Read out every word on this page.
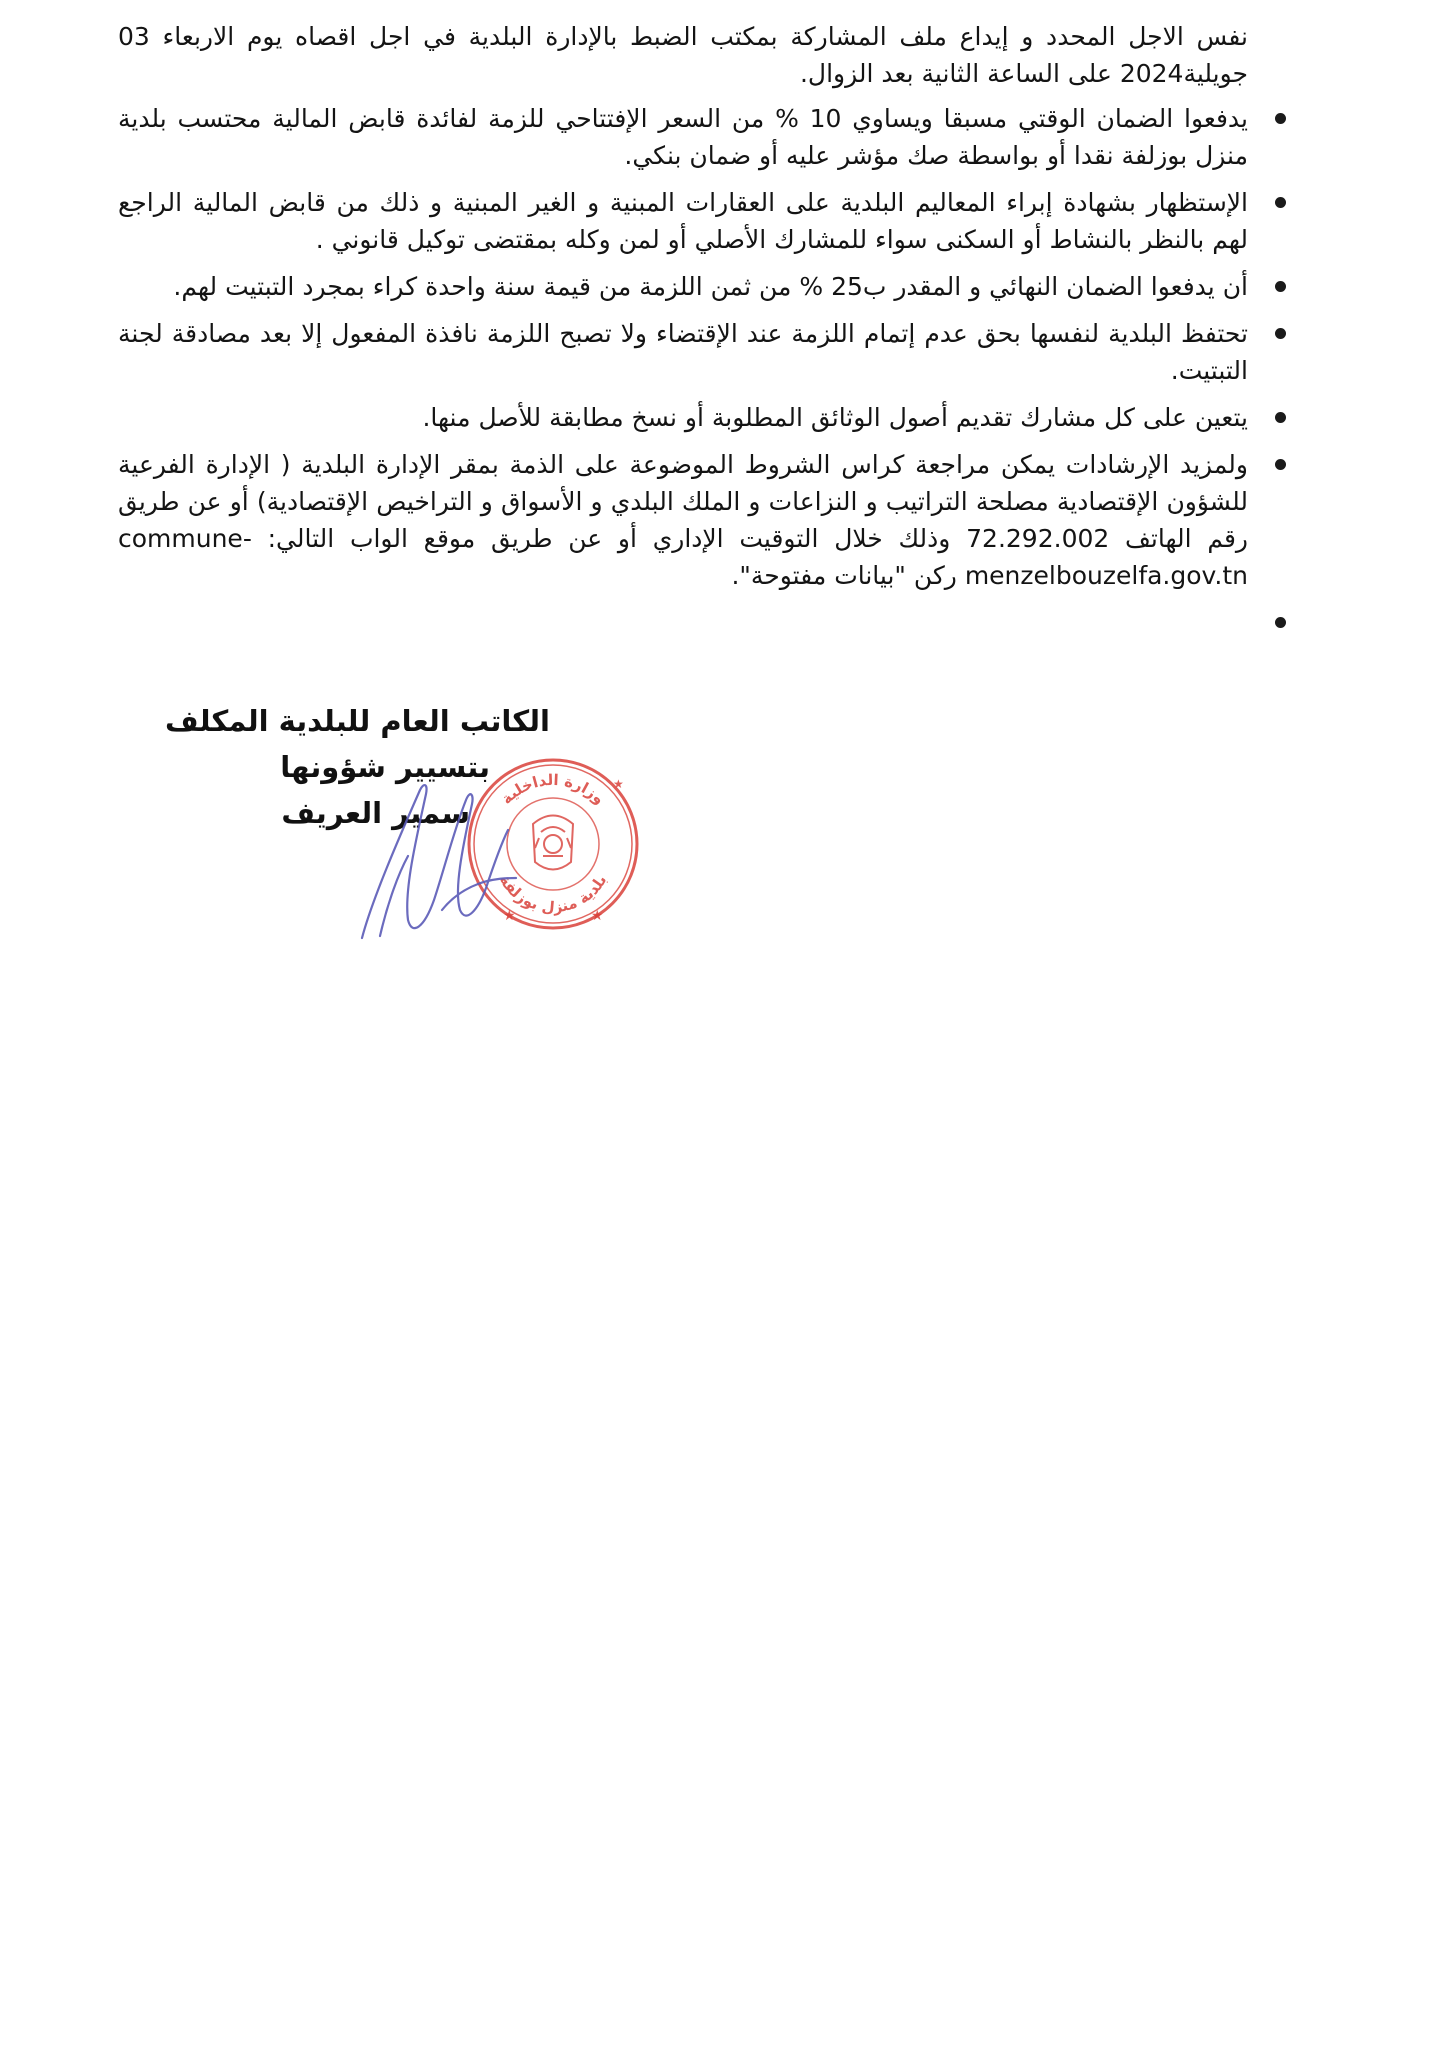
نفس الاجل المحدد و إيداع ملف المشاركة بمكتب الضبط بالإدارة البلدية في اجل اقصاه يوم الاربعاء 03 جويلية2024 على الساعة الثانية بعد الزوال.

يدفعوا الضمان الوقتي مسبقا ويساوي 10 % من السعر الإفتتاحي للزمة لفائدة قابض المالية محتسب بلدية منزل بوزلفة نقدا أو بواسطة صك مؤشر عليه أو ضمان بنكي.
الإستظهار بشهادة إبراء المعاليم البلدية على العقارات المبنية و الغير المبنية و ذلك من قابض المالية الراجع لهم بالنظر بالنشاط أو السكنى سواء للمشارك الأصلي أو لمن وكله بمقتضى توكيل قانوني .
أن يدفعوا الضمان النهائي و المقدر ب25 % من ثمن اللزمة من قيمة سنة واحدة كراء بمجرد التبتيت لهم.
تحتفظ البلدية لنفسها بحق عدم إتمام اللزمة عند الإقتضاء ولا تصبح اللزمة نافذة المفعول إلا بعد مصادقة لجنة التبتيت.
يتعين على كل مشارك تقديم أصول الوثائق المطلوبة أو نسخ مطابقة للأصل منها.
ولمزيد الإرشادات يمكن مراجعة كراس الشروط الموضوعة على الذمة بمقر الإدارة البلدية ( الإدارة الفرعية للشؤون الإقتصادية مصلحة التراتيب و النزاعات و الملك البلدي و الأسواق و التراخيص الإقتصادية) أو عن طريق رقم الهاتف 72.292.002 وذلك خلال التوقيت الإداري أو عن طريق موقع الواب التالي: commune-menzelbouzelfa.gov.tn ركن "بيانات مفتوحة".
الكاتب العام للبلدية المكلف
بتسيير شؤونها
سمير العريف	وزارة الداخلية
بلدية منزل بوزلفة
★	★
★
